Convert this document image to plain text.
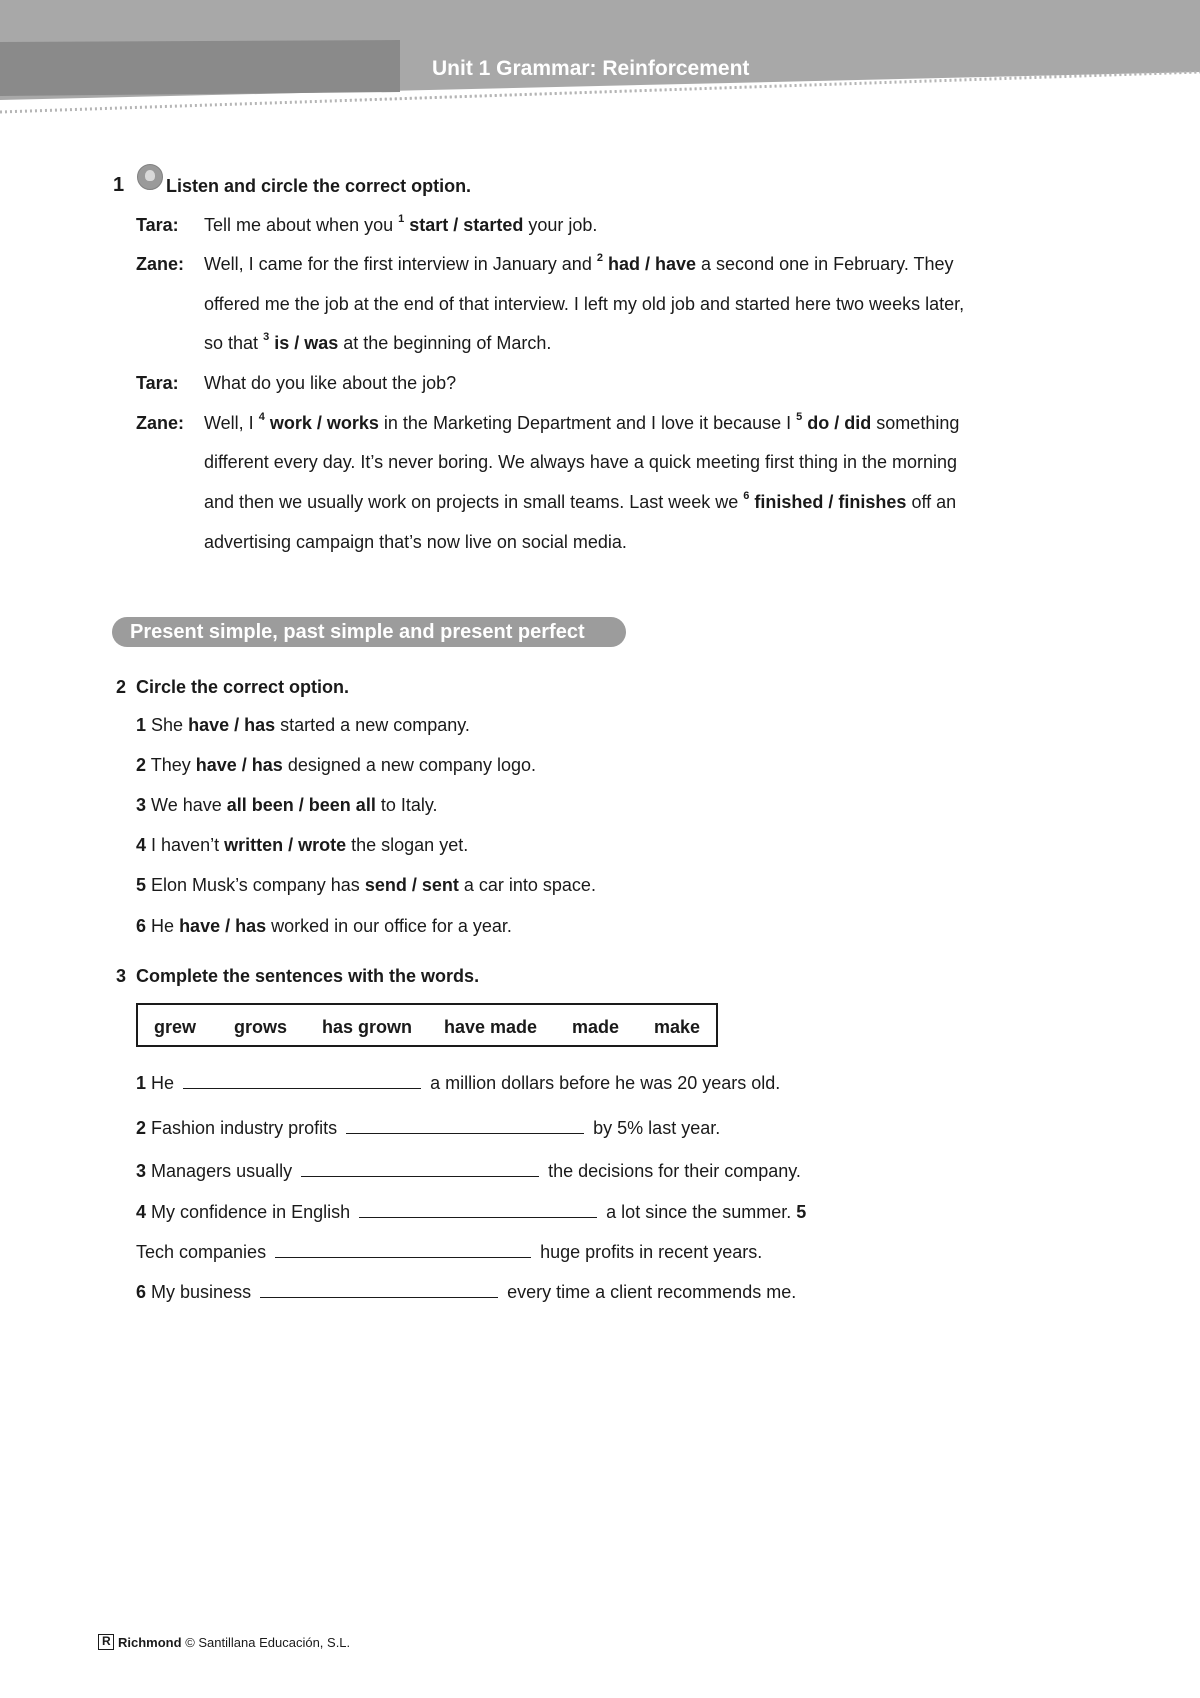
Unit 1 Grammar: Reinforcement
1 Listen and circle the correct option.
Tara: Tell me about when you $^1$ start / started your job.
Zane: Well, I came for the first interview in January and $^2$ had / have a second one in February. They
offered me the job at the end of that interview. I left my old job and started here two weeks later,
so that $^3$ is / was at the beginning of March.
Tara: What do you like about the job?
Zane: Well, I $^4$ work / works in the Marketing Department and I love it because I $^5$ do / did something
different every day. It’s never boring. We always have a quick meeting first thing in the morning
and then we usually work on projects in small teams. Last week we $^6$ finished / finishes off an
advertising campaign that’s now live on social media.
Present simple, past simple and present perfect
2 Circle the correct option.
1 She have / has started a new company.
2 They have / has designed a new company logo.
3 We have all been / been all to Italy.
4 I haven’t written / wrote the slogan yet.
5 Elon Musk’s company has send / sent a car into space.
6 He have / has worked in our office for a year.
3 Complete the sentences with the words.
grew grows has grown have made made make
1 He	a million dollars before he was 20 years old.
2 Fashion industry profits	by 5% last year.
3 Managers usually	the decisions for their company.
4 My confidence in English	a lot since the summer. 5
Tech companies	huge profits in recent years.
6 My business	every time a client recommends me.
RRichmond © Santillana Educación, S.L.
